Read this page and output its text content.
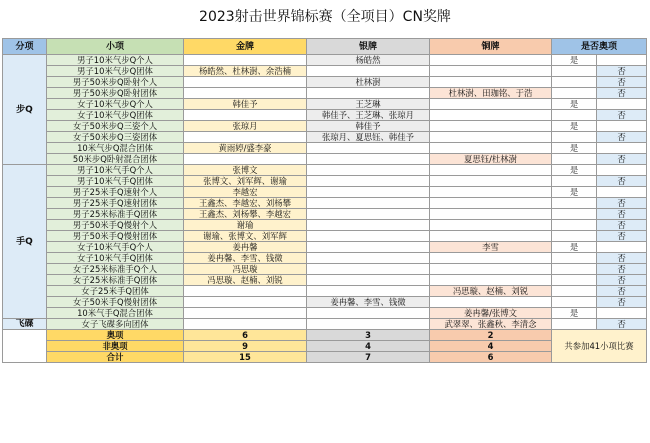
2023射击世界锦标赛（全项目）CN奖牌
分项	小项	金牌	银牌	铜牌	是否奥项	
步Q	男子10米气步Q个人		杨皓然		是	
	男子10米气步Q团体	杨皓然、杜林澍、余浩楠				否
	男子50米步Q卧射个人		杜林澍			否
	男子50米步Q卧射团体			杜林澍、田珈铭、于浩		否
	女子10米气步Q个人	韩佳予	王芝琳		是	
	女子10米气步Q团体		韩佳予、王芝琳、张琼月			否
	女子50米步Q三姿个人	张琼月	韩佳予		是	
	女子50米步Q三姿团体		张琼月、夏思钰、韩佳予			否
	10米气步Q混合团体	黄雨婷/盛李豪			是	
	50米步Q卧射混合团体			夏思钰/杜林澍		否
手Q	男子10米气手Q个人	张博文			是	
	男子10米气手Q团体	张博文、刘军辉、谢瑜				否
	男子25米手Q速射个人	李越宏			是	
	男子25米手Q速射团体	王鑫杰、李越宏、刘杨攀				否
	男子25米标准手Q团体	王鑫杰、刘杨攀、李越宏				否
	男子50米手Q慢射个人	谢瑜				否
	男子50米手Q慢射团体	谢瑜、张博文、刘军辉				否
	女子10米气手Q个人	姜冉馨		李雪	是	
	女子10米气手Q团体	姜冉馨、李雪、钱微				否
	女子25米标准手Q个人	冯思璇				否
	女子25米标准手Q团体	冯思璇、赵楠、刘锐				否
	女子25米手Q团体			冯思璇、赵楠、刘锐		否
	女子50米手Q慢射团体		姜冉馨、李雪、钱微			否
	10米气手Q混合团体			姜冉馨/张博文	是	
飞碟	女子飞碟多向团体			武翠翠、张鑫秋、李清念		否
	奥项	6	3	2	共参加41小项比赛	
	非奥项	9	4	4		
	合计	15	7	6		
